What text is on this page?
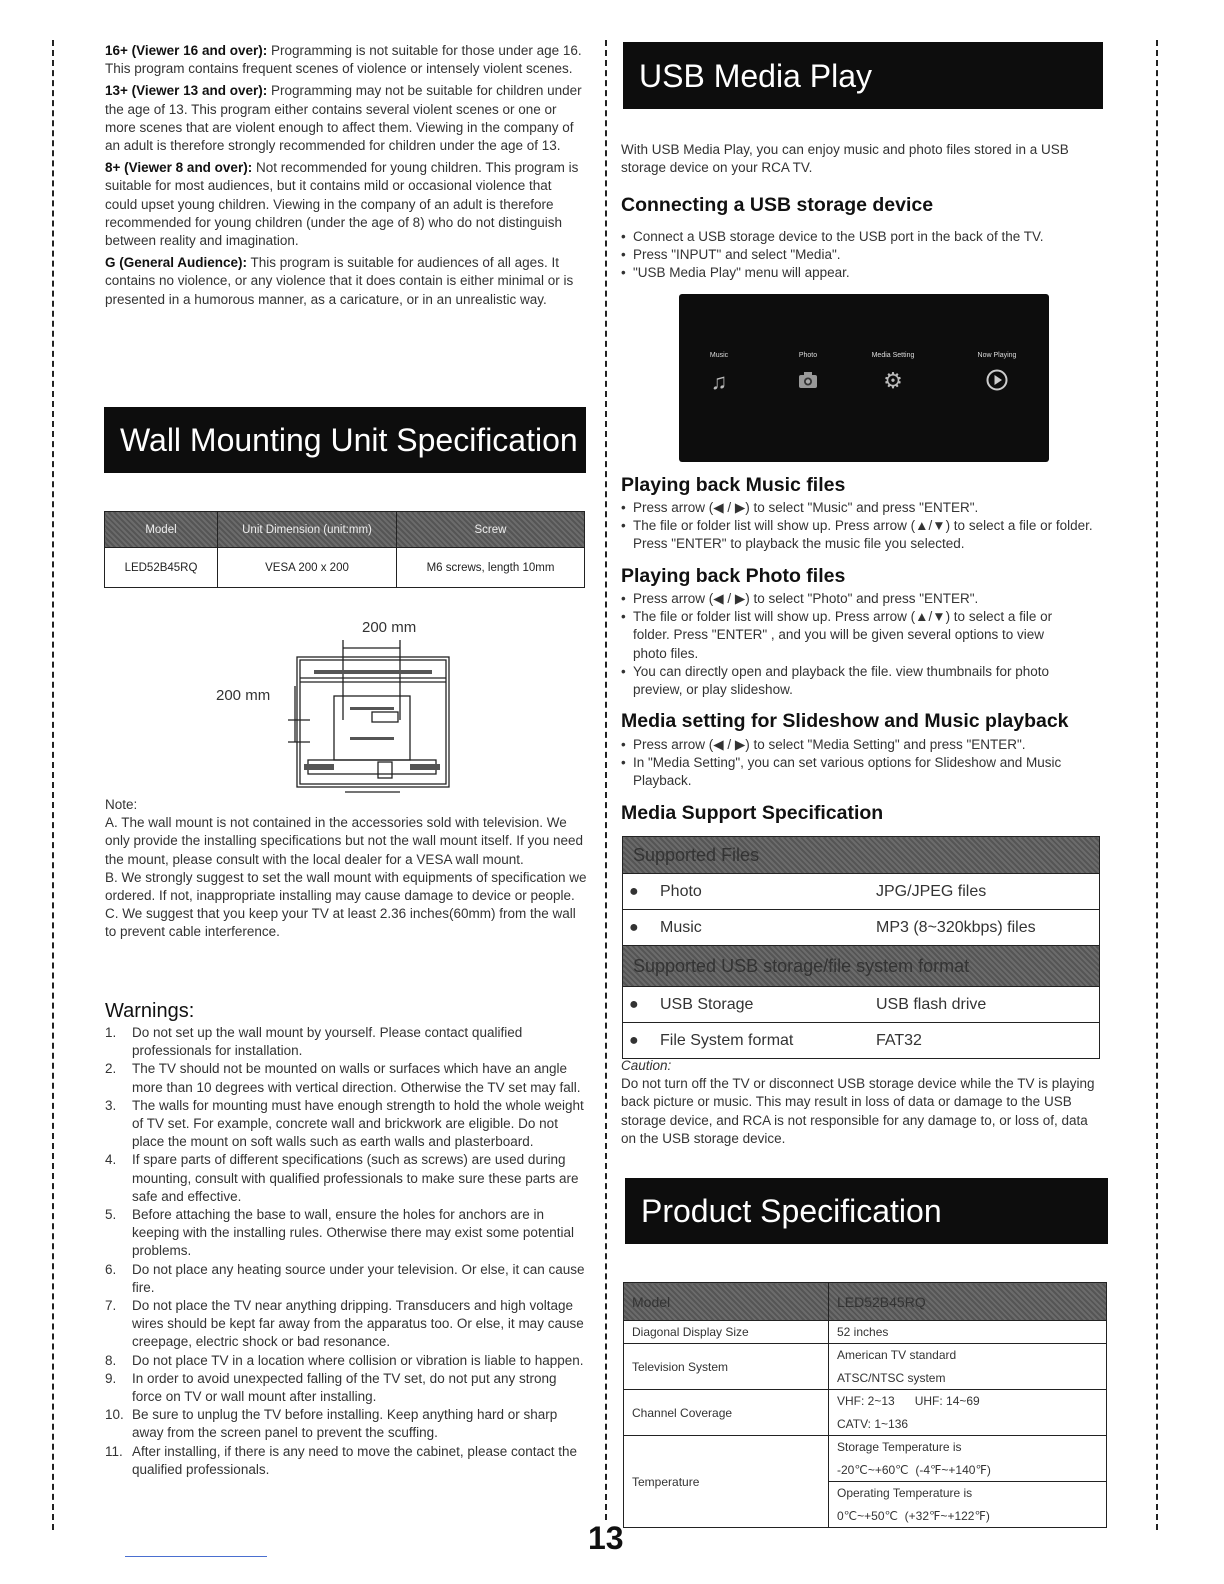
16+ (Viewer 16 and over): Programming is not suitable for those under age 16. This program contains frequent scenes of violence or intensely violent scenes.

13+ (Viewer 13 and over): Programming may not be suitable for children under the age of 13. This program either contains several violent scenes or one or more scenes that are violent enough to affect them. Viewing in the company of an adult is therefore strongly recommended for children under the age of 13.

8+ (Viewer 8 and over): Not recommended for young children. This program is suitable for most audiences, but it contains mild or occasional violence that could upset young children. Viewing in the company of an adult is therefore recommended for young children (under the age of 8) who do not distinguish between reality and imagination.

G (General Audience): This program is suitable for audiences of all ages. It contains no violence, or any violence that it does contain is either minimal or is presented in a humorous manner, as a caricature, or in an unrealistic way.

Wall Mounting Unit Specification
Model	Unit Dimension (unit:mm)	Screw
LED52B45RQ	VESA 200 x 200	M6 screws, length 10mm
200 mm
200 mm

Note:

A. The wall mount is not contained in the accessories sold with television. We only provide the installing specifications but not the wall mount itself. If you need the mount, please consult with the local dealer for a VESA wall mount.

B. We strongly suggest to set the wall mount with equipments of specification we ordered. If not, inappropriate installing may cause damage to device or people.

C. We suggest that you keep your TV at least 2.36 inches(60mm) from the wall to prevent cable interference.

Warnings:
1. Do not set up the wall mount by yourself. Please contact qualified professionals for installation.
2. The TV should not be mounted on walls or surfaces which have an angle more than 10 degrees with vertical direction. Otherwise the TV set may fall.
3. The walls for mounting must have enough strength to hold the whole weight of TV set. For example, concrete wall and brickwork are eligible. Do not place the mount on soft walls such as earth walls and plasterboard.
4. If spare parts of different specifications (such as screws) are used during mounting, consult with qualified professionals to make sure these parts are safe and effective.
5. Before attaching the base to wall, ensure the holes for anchors are in keeping with the installing rules. Otherwise there may exist some potential problems.
6. Do not place any heating source under your television. Or else, it can cause fire.
7. Do not place the TV near anything dripping. Transducers and high voltage wires should be kept far away from the apparatus too. Or else, it may cause creepage, electric shock or bad resonance.
8. Do not place TV in a location where collision or vibration is liable to happen.
9. In order to avoid unexpected falling of the TV set, do not put any strong force on TV or wall mount after installing.
10. Be sure to unplug the TV before installing. Keep anything hard or sharp away from the screen panel to prevent the scuffing.
11. After installing, if there is any need to move the cabinet, please contact the qualified professionals.
USB Media Play

With USB Media Play, you can enjoy music and photo files stored in a USB storage device on your RCA TV.

Connecting a USB storage device
• Connect a USB storage device to the USB port in the back of the TV.
• Press "INPUT" and select "Media".
• "USB Media Play" menu will appear.
Music
♫
Photo	Media Setting
⚙
Now Playing
Playing back Music files
• Press arrow (◀ / ▶) to select "Music" and press "ENTER".
• The file or folder list will show up. Press arrow (▲/▼) to select a file or folder. Press "ENTER" to playback the music file you selected.
Playing back Photo files
• Press arrow (◀ / ▶) to select "Photo" and press "ENTER".
• The file or folder list will show up. Press arrow (▲/▼) to select a file or folder. Press "ENTER" , and you will be given several options to view photo files.
• You can directly open and playback the file. view thumbnails for photo preview, or play slideshow.
Media setting for Slideshow and Music playback
• Press arrow (◀ / ▶) to select "Media Setting" and press "ENTER".
• In "Media Setting", you can set various options for Slideshow and Music Playback.
Media Support Specification
Supported Files	
● Photo	JPG/JPEG files
● Music	MP3 (8~320kbps) files
Supported USB storage/file system format	
● USB Storage	USB flash drive
● File System format	FAT32

Caution:

Do not turn off the TV or disconnect USB storage device while the TV is playing back picture or music. This may result in loss of data or damage to the USB storage device, and RCA is not responsible for any damage to, or loss of, data on the USB storage device.

Product Specification
Model	LED52B45RQ
Diagonal Display Size	52 inches
Television System	American TV standard
	ATSC/NTSC system
Channel Coverage	VHF: 2~13      UHF: 14~69
	CATV: 1~136
Temperature	Storage Temperature is
	-20℃~+60℃  (-4℉~+140℉)
	Operating Temperature is
	0℃~+50℃  (+32℉~+122℉)
13
